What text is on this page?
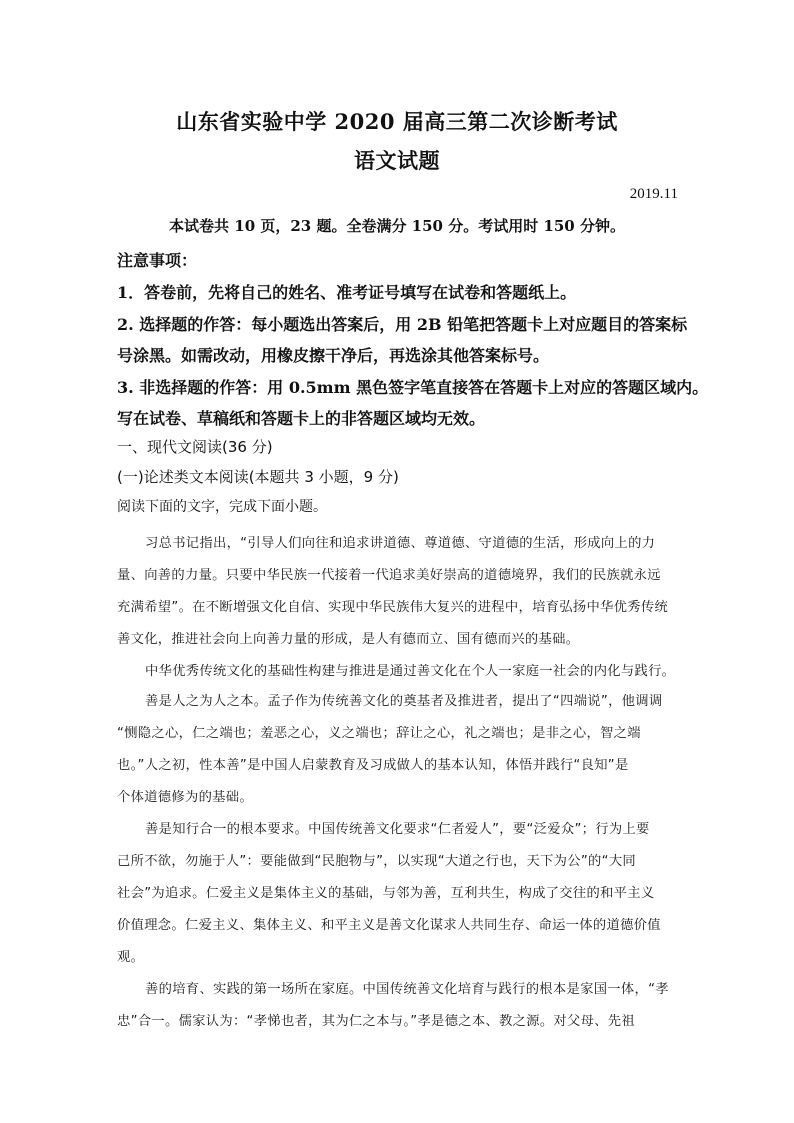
山东省实验中学 2020 届高三第二次诊断考试
语文试题
2019.11
本试卷共 10 页，23 题。全卷满分 150 分。考试用时 150 分钟。
注意事项：
1．答卷前，先将自己的姓名、准考证号填写在试卷和答题纸上。
2. 选择题的作答：每小题选出答案后，用 2B 铅笔把答题卡上对应题目的答案标
号涂黑。如需改动，用橡皮擦干净后，再选涂其他答案标号。
3. 非选择题的作答：用 0.5mm 黑色签字笔直接答在答题卡上对应的答题区域内。
写在试卷、草稿纸和答题卡上的非答题区域均无效。
一、现代文阅读(36 分)
(一)论述类文本阅读(本题共 3 小题，9 分)
阅读下面的文字，完成下面小题。
习总书记指出，“引导人们向往和追求讲道德、尊道德、守道德的生活，形成向上的力
量、向善的力量。只要中华民族一代接着一代追求美好崇高的道德境界，我们的民族就永远
充满希望”。在不断增强文化自信、实现中华民族伟大复兴的进程中，培育弘扬中华优秀传统
善文化，推进社会向上向善力量的形成，是人有德而立、国有德而兴的基础。
中华优秀传统文化的基础性构建与推进是通过善文化在个人一家庭一社会的内化与践行。
善是人之为人之本。孟子作为传统善文化的奠基者及推进者，提出了“四端说”，他调调
“恻隐之心，仁之端也；羞恶之心，义之端也；辞让之心，礼之端也；是非之心，智之端
也。”人之初，性本善”是中国人启蒙教育及习成做人的基本认知，体悟并践行“良知”是
个体道德修为的基础。
善是知行合一的根本要求。中国传统善文化要求“仁者爱人”，要“泛爱众”；行为上要
己所不欲，勿施于人”：要能做到“民胞物与”，以实现“大道之行也，天下为公”的“大同
社会”为追求。仁爱主义是集体主义的基础，与邻为善，互利共生，构成了交往的和平主义
价值理念。仁爱主义、集体主义、和平主义是善文化谋求人共同生存、命运一体的道德价值
观。
善的培育、实践的第一场所在家庭。中国传统善文化培育与践行的根本是家国一体，“孝
忠”合一。儒家认为：“孝悌也者，其为仁之本与。”孝是德之本、教之源。对父母、先祖
